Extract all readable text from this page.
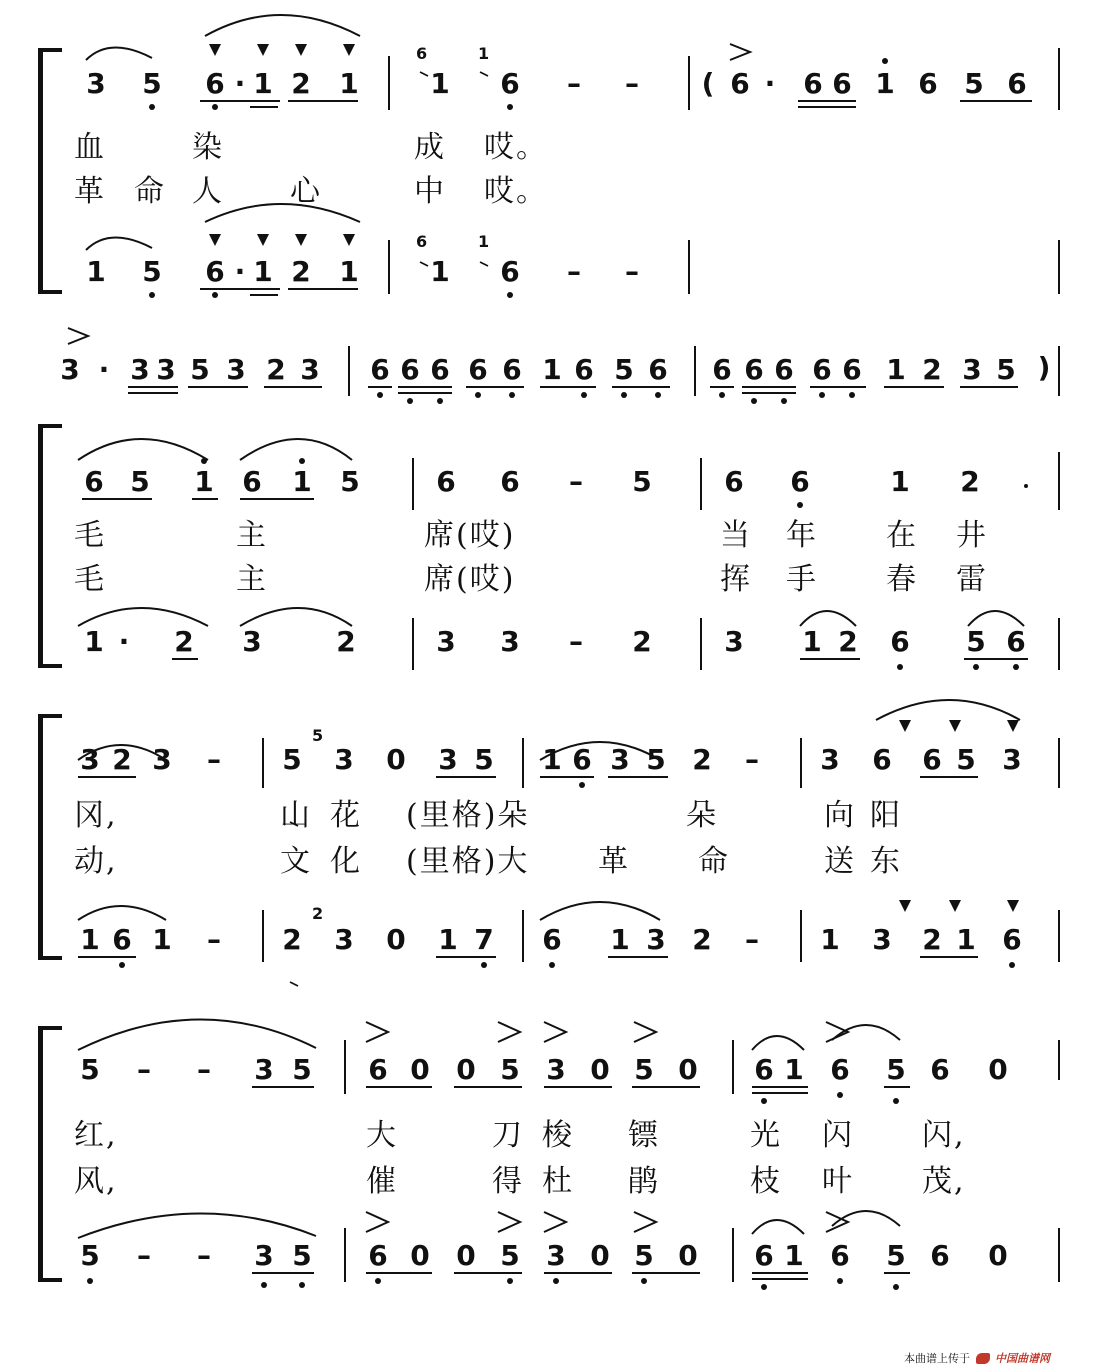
3 5 6 · 1 2 1
6
1
1
6 – – ( 6 · 6 6 1 6 5 6
血	染	成 哎。
革 命 人 心	中 哎。
1 5 6 · 1 2 1
6
1
1
6 – –
3 · 3 3 5 3 2 3 6 6 6 6 6 1 6 5 6 6 6 6 6 6 1 2 3 5 )
6 5 1 6 1 5	6 6 – 5	6 6	1 2
毛	主	席(哎)	当 年 在 井
毛	主	席(哎)	挥 手 春 雷
1 · 2 3	2	3 3 – 2	3 1 2 6 5 6
3 2 3 – 5
5
3 0 3 5 1 6 3 5 2 – 3 6 6 5 3
冈,	山 花 (里格)朵	朵	向 阳
动,	文 化 (里格)大 革 命	送 东
1 6 1 – 2
2
3 0 1 7 6 1 3 2 – 1 3 2 1 6
5 – – 3 5 6 0 0 5 3 0 5 0 6 1 6 5 6 0
红,	大	刀 梭 镖	光 闪 闪,
风,	催	得 杜 鹃	枝 叶 茂,
5 – – 3 5 6 0 0 5 3 0 5 0 6 1 6 5 6 0
本曲谱上传于 中国曲谱网
